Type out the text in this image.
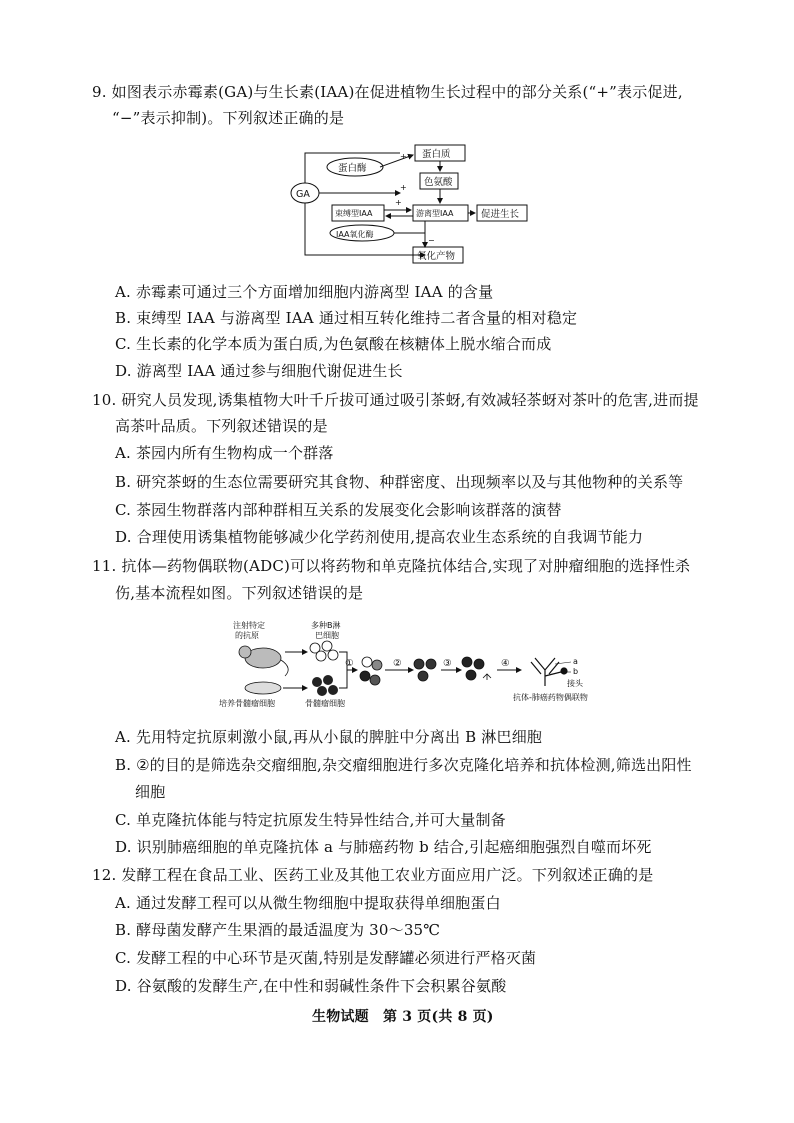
9. 如图表示赤霉素(GA)与生长素(IAA)在促进植物生长过程中的部分关系(“+”表示促进,
“−”表示抑制)。下列叙述正确的是
GA
蛋白酶
蛋白质
色氨酸
束缚型IAA	游离型IAA	促进生长
IAA氧化酶
氧化产物
+
+
+
−
A. 赤霉素可通过三个方面增加细胞内游离型 IAA 的含量
B. 束缚型 IAA 与游离型 IAA 通过相互转化维持二者含量的相对稳定
C. 生长素的化学本质为蛋白质,为色氨酸在核糖体上脱水缩合而成
D. 游离型 IAA 通过参与细胞代谢促进生长
10. 研究人员发现,诱集植物大叶千斤拔可通过吸引茶蚜,有效减轻茶蚜对茶叶的危害,进而提
高茶叶品质。下列叙述错误的是
A. 茶园内所有生物构成一个群落
B. 研究茶蚜的生态位需要研究其食物、种群密度、出现频率以及与其他物种的关系等
C. 茶园生物群落内部种群相互关系的发展变化会影响该群落的演替
D. 合理使用诱集植物能够减少化学药剂使用,提高农业生态系统的自我调节能力
11. 抗体—药物偶联物(ADC)可以将药物和单克隆抗体结合,实现了对肿瘤细胞的选择性杀
伤,基本流程如图。下列叙述错误的是
注射特定
的抗原
多种B淋
巴细胞
培养骨髓瘤细胞	骨髓瘤细胞
①	②	③	④	a
b
接头
抗体-肺癌药物偶联物
A. 先用特定抗原刺激小鼠,再从小鼠的脾脏中分离出 B 淋巴细胞
B. ②的目的是筛选杂交瘤细胞,杂交瘤细胞进行多次克隆化培养和抗体检测,筛选出阳性
细胞
C. 单克隆抗体能与特定抗原发生特异性结合,并可大量制备
D. 识别肺癌细胞的单克隆抗体 a 与肺癌药物 b 结合,引起癌细胞强烈自噬而坏死
12. 发酵工程在食品工业、医药工业及其他工农业方面应用广泛。下列叙述正确的是
A. 通过发酵工程可以从微生物细胞中提取获得单细胞蛋白
B. 酵母菌发酵产生果酒的最适温度为 30～35℃
C. 发酵工程的中心环节是灭菌,特别是发酵罐必须进行严格灭菌
D. 谷氨酸的发酵生产,在中性和弱碱性条件下会积累谷氨酸
生物试题　第 3 页(共 8 页)
